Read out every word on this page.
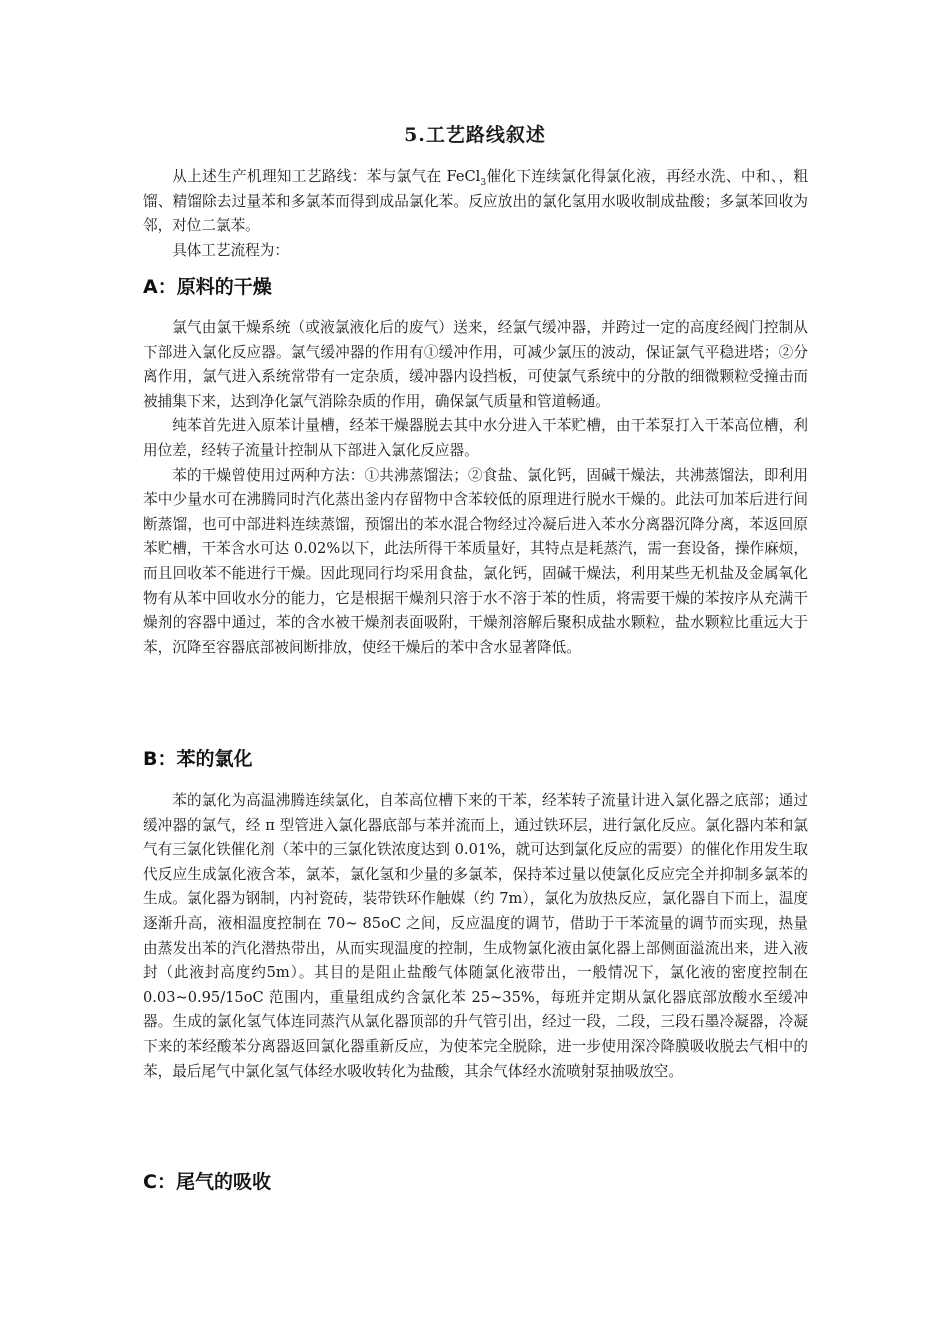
5.工艺路线叙述

从上述生产机理知工艺路线：苯与氯气在 FeCl$_3$催化下连续氯化得氯化液，再经水洗、中和、，粗馏、精馏除去过量苯和多氯苯而得到成品氯化苯。反应放出的氯化氢用水吸收制成盐酸；多氯苯回收为邻，对位二氯苯。

具体工艺流程为：

A：原料的干燥

氯气由氯干燥系统（或液氯液化后的废气）送来，经氯气缓冲器，并跨过一定的高度经阀门控制从下部进入氯化反应器。氯气缓冲器的作用有①缓冲作用，可减少氯压的波动，保证氯气平稳进塔；②分离作用，氯气进入系统常带有一定杂质，缓冲器内设挡板，可使氯气系统中的分散的细微颗粒受撞击而被捕集下来，达到净化氯气消除杂质的作用，确保氯气质量和管道畅通。

纯苯首先进入原苯计量槽，经苯干燥器脱去其中水分进入干苯贮槽，由干苯泵打入干苯高位槽，利用位差，经转子流量计控制从下部进入氯化反应器。

苯的干燥曾使用过两种方法：①共沸蒸馏法；②食盐、氯化钙，固碱干燥法，共沸蒸馏法，即利用苯中少量水可在沸腾同时汽化蒸出釜内存留物中含苯较低的原理进行脱水干燥的。此法可加苯后进行间断蒸馏，也可中部进料连续蒸馏，预馏出的苯水混合物经过冷凝后进入苯水分离器沉降分离，苯返回原苯贮槽，干苯含水可达 0.02%以下，此法所得干苯质量好，其特点是耗蒸汽，需一套设备，操作麻烦，而且回收苯不能进行干燥。因此现同行均采用食盐，氯化钙，固碱干燥法，利用某些无机盐及金属氧化物有从苯中回收水分的能力，它是根据干燥剂只溶于水不溶于苯的性质，将需要干燥的苯按序从充满干燥剂的容器中通过，苯的含水被干燥剂表面吸附，干燥剂溶解后聚积成盐水颗粒，盐水颗粒比重远大于苯，沉降至容器底部被间断排放，使经干燥后的苯中含水显著降低。

B：苯的氯化

苯的氯化为高温沸腾连续氯化，自苯高位槽下来的干苯，经苯转子流量计进入氯化器之底部；通过缓冲器的氯气，经 π 型管进入氯化器底部与苯并流而上，通过铁环层，进行氯化反应。氯化器内苯和氯气有三氯化铁催化剂（苯中的三氯化铁浓度达到 0.01%，就可达到氯化反应的需要）的催化作用发生取代反应生成氯化液含苯，氯苯，氯化氢和少量的多氯苯，保持苯过量以使氯化反应完全并抑制多氯苯的生成。氯化器为钢制，内衬瓷砖，装带铁环作触媒（约 7m），氯化为放热反应，氯化器自下而上，温度逐渐升高，液相温度控制在 70~ 85oC 之间，反应温度的调节，借助于干苯流量的调节而实现，热量由蒸发出苯的汽化潜热带出，从而实现温度的控制，生成物氯化液由氯化器上部侧面溢流出来，进入液封（此液封高度约5m）。其目的是阻止盐酸气体随氯化液带出，一般情况下，氯化液的密度控制在 0.03~0.95/15oC 范围内，重量组成约含氯化苯 25~35%，每班并定期从氯化器底部放酸水至缓冲器。生成的氯化氢气体连同蒸汽从氯化器顶部的升气管引出，经过一段，二段，三段石墨冷凝器，冷凝下来的苯经酸苯分离器返回氯化器重新反应，为使苯完全脱除，进一步使用深冷降膜吸收脱去气相中的苯，最后尾气中氯化氢气体经水吸收转化为盐酸，其余气体经水流喷射泵抽吸放空。

C：尾气的吸收
